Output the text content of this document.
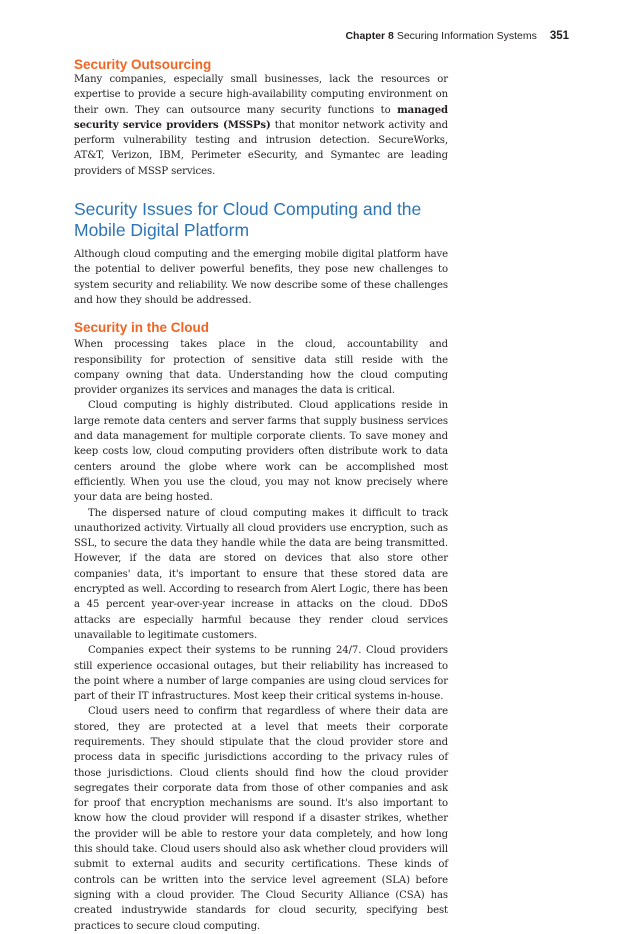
Chapter 8 Securing Information Systems 351
Security Outsourcing

Many companies, especially small businesses, lack the resources or expertise to provide a secure high-availability computing environment on their own. They can outsource many security functions to managed security service providers (MSSPs) that monitor network activity and perform vulnerability testing and intrusion detection. SecureWorks, AT&T, Verizon, IBM, Perimeter eSecurity, and Symantec are leading providers of MSSP services.

Security Issues for Cloud Computing and the Mobile Digital Platform

Although cloud computing and the emerging mobile digital platform have the potential to deliver powerful benefits, they pose new challenges to system security and reliability. We now describe some of these challenges and how they should be addressed.

Security in the Cloud

When processing takes place in the cloud, accountability and responsibility for protection of sensitive data still reside with the company owning that data. Understanding how the cloud computing provider organizes its services and manages the data is critical.

Cloud computing is highly distributed. Cloud applications reside in large remote data centers and server farms that supply business services and data management for multiple corporate clients. To save money and keep costs low, cloud computing providers often distribute work to data centers around the globe where work can be accomplished most efficiently. When you use the cloud, you may not know precisely where your data are being hosted.

The dispersed nature of cloud computing makes it difficult to track unauthorized activity. Virtually all cloud providers use encryption, such as SSL, to secure the data they handle while the data are being transmitted. However, if the data are stored on devices that also store other companies' data, it's important to ensure that these stored data are encrypted as well. According to research from Alert Logic, there has been a 45 percent year-over-year increase in attacks on the cloud. DDoS attacks are especially harmful because they render cloud services unavailable to legitimate customers.

Companies expect their systems to be running 24/7. Cloud providers still experience occasional outages, but their reliability has increased to the point where a number of large companies are using cloud services for part of their IT infrastructures. Most keep their critical systems in-house.

Cloud users need to confirm that regardless of where their data are stored, they are protected at a level that meets their corporate requirements. They should stipulate that the cloud provider store and process data in specific jurisdictions according to the privacy rules of those jurisdictions. Cloud clients should find how the cloud provider segregates their corporate data from those of other companies and ask for proof that encryption mechanisms are sound. It's also important to know how the cloud provider will respond if a disaster strikes, whether the provider will be able to restore your data completely, and how long this should take. Cloud users should also ask whether cloud providers will submit to external audits and security certifications. These kinds of controls can be written into the service level agreement (SLA) before signing with a cloud provider. The Cloud Security Alliance (CSA) has created industrywide standards for cloud security, specifying best practices to secure cloud computing.
